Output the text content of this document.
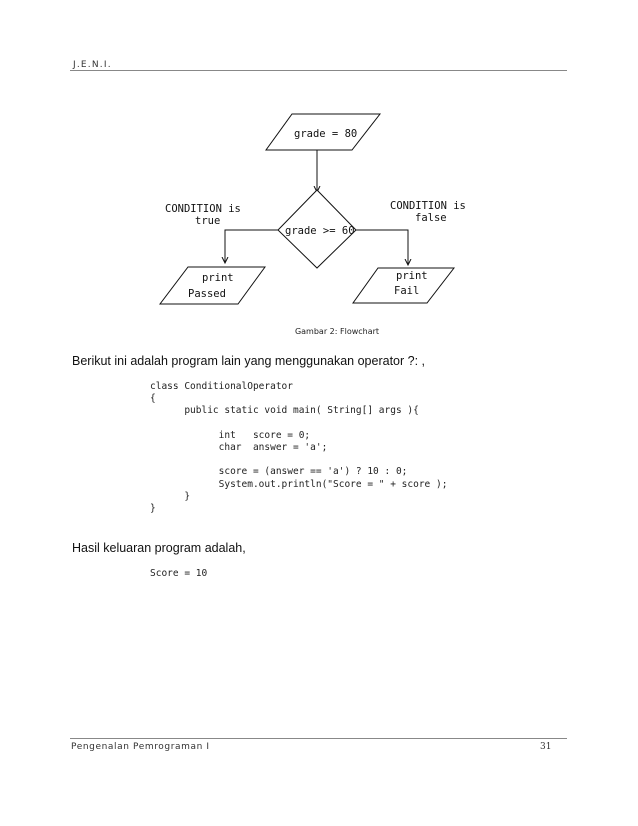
J.E.N.I.
grade = 80
grade >= 60
CONDITION is
true
CONDITION is
false
print
Passed
print
Fail
Gambar 2: Flowchart
Berikut ini adalah program lain yang menggunakan operator ?: ,
class ConditionalOperator
{
public static void main( String[] args ){

int   score = 0;
char  answer = 'a';

score = (answer == 'a') ? 10 : 0;
System.out.println("Score = " + score );
}
}
Hasil keluaran program adalah,
Score = 10
Pengenalan Pemrograman I	31
